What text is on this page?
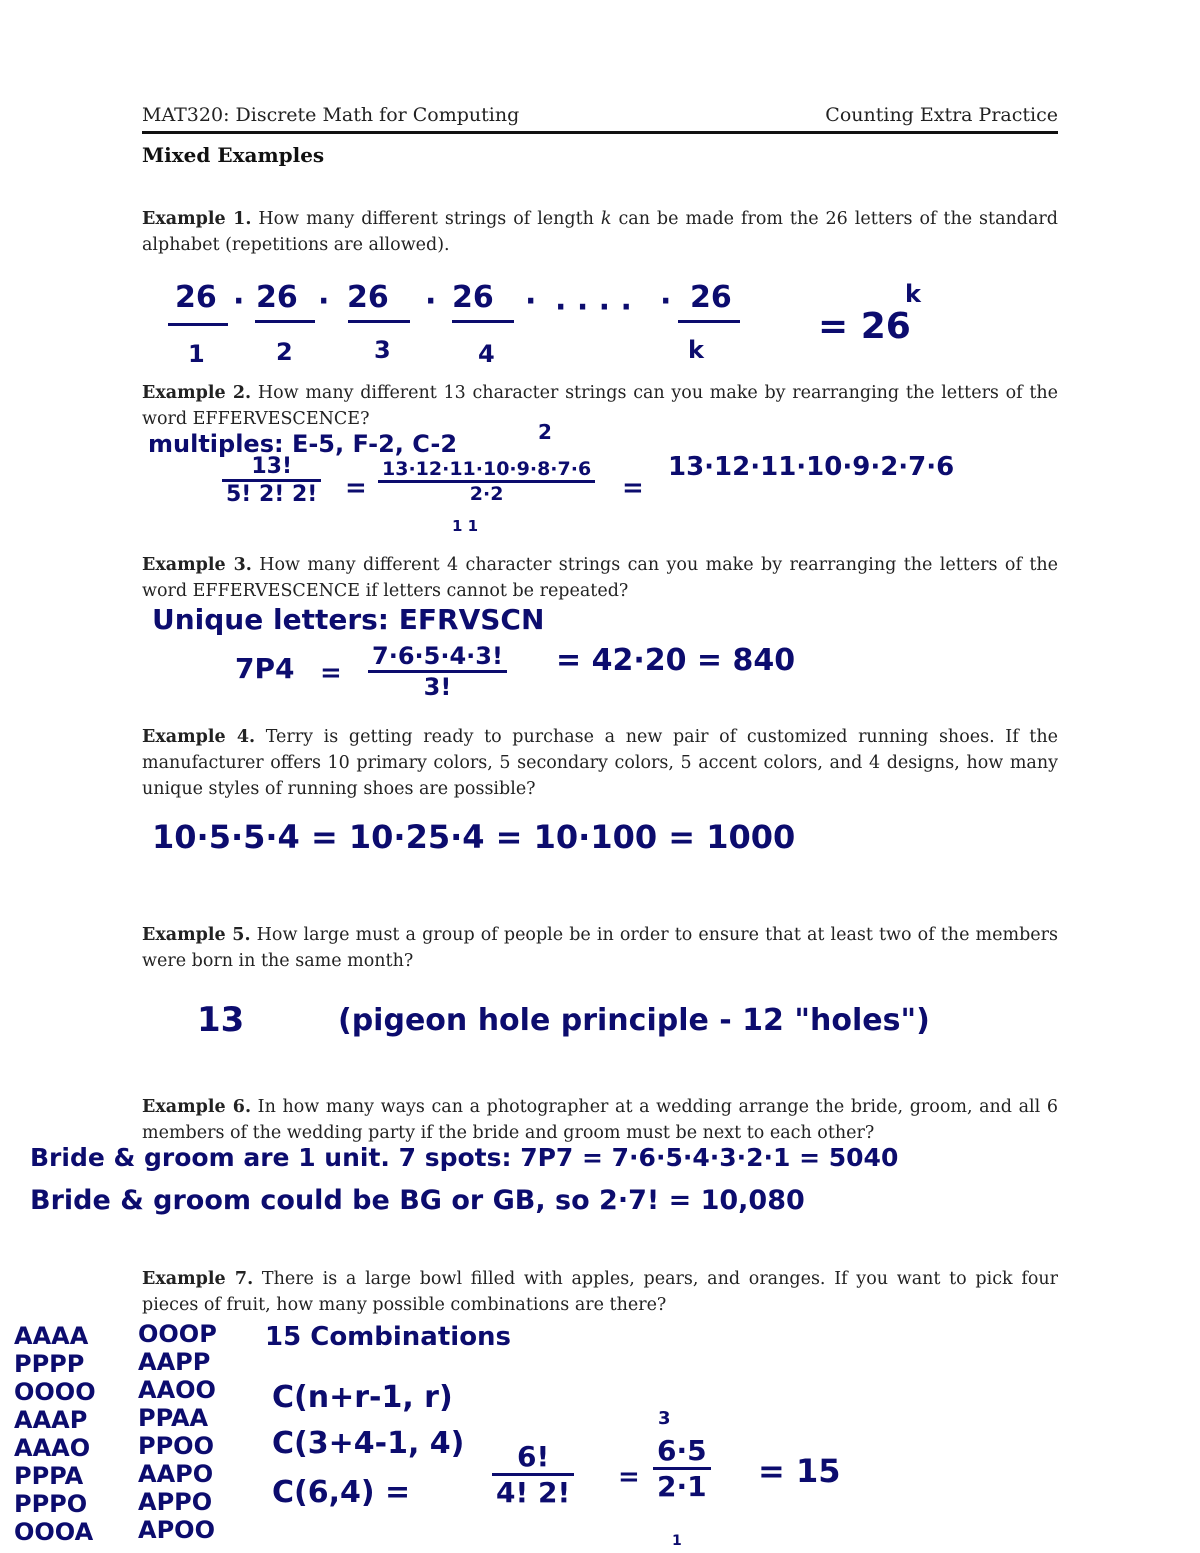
MAT320: Discrete Math for Computing	Counting Extra Practice
Mixed Examples
Example 1. How many different strings of length k can be made from the 26 letters of the standard alphabet (repetitions are allowed).
26 · 26 · 26 · 26 · · · · · · 26
1	2	3	4	k
= 26
k
Example 2. How many different 13 character strings can you make by rearranging the letters of the word EFFERVESCENCE?
multiples: E-5, F-2, C-2	2
$\frac{13!}{5! 2! 2!} = \frac{13\cdot 12\cdot 11\cdot 10\cdot 9\cdot 8\cdot 7\cdot 6}{2\cdot 2}$
1 1
=
13·12·11·10·9·2·7·6
Example 3. How many different 4 character strings can you make by rearranging the letters of the word EFFERVESCENCE if letters cannot be repeated?
Unique letters: EFRVSCN
$7P4 = \frac{7\cdot 6\cdot 5\cdot 4\cdot 3!}{3!} = 42\cdot 20 = 840$
Example 4. Terry is getting ready to purchase a new pair of customized running shoes. If the manufacturer offers 10 primary colors, 5 secondary colors, 5 accent colors, and 4 designs, how many unique styles of running shoes are possible?
10·5·5·4 = 10·25·4 = 10·100 = 1000
Example 5. How large must a group of people be in order to ensure that at least two of the members were born in the same month?
13	(pigeon hole principle - 12 "holes")
Example 6. In how many ways can a photographer at a wedding arrange the bride, groom, and all 6 members of the wedding party if the bride and groom must be next to each other?
Bride & groom are 1 unit. 7 spots: 7P7 = 7·6·5·4·3·2·1 = 5040
Bride & groom could be BG or GB, so 2·7! = 10,080
Example 7. There is a large bowl filled with apples, pears, and oranges. If you want to pick four pieces of fruit, how many possible combinations are there?
AAAA
PPPP
OOOO
AAAP
AAAO
PPPA
PPPO
OOOA
OOOP
AAPP
AAOO
PPAA
PPOO
AAPO
APPO
APOO
15 Combinations
C(n+r-1, r)
C(3+4-1, 4)
C(6,4) =	$\frac{6!}{4! 2!}$ =
3
$\frac{6\cdot 5}{2\cdot 1}$
1
= 15
